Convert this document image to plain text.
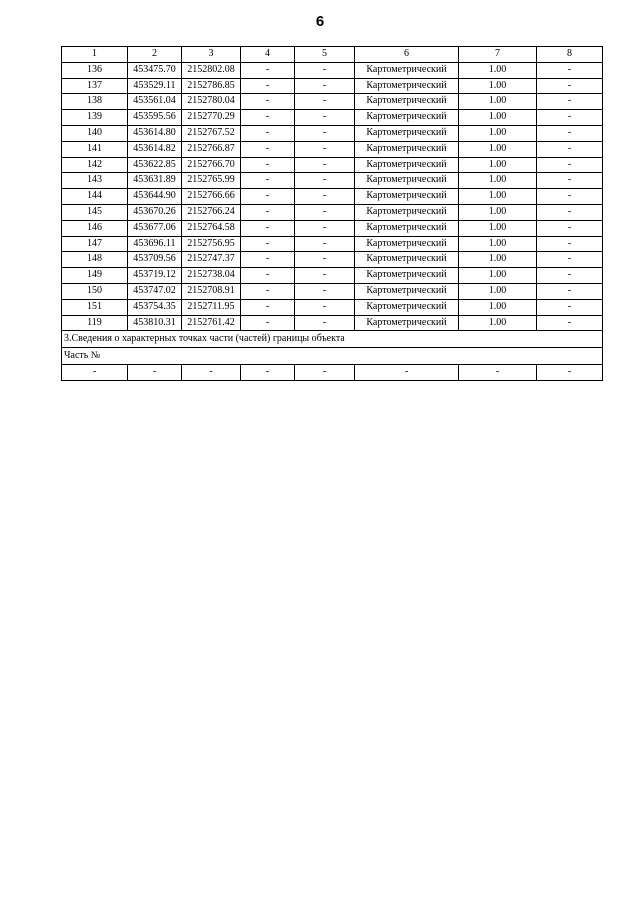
6
1	2	3	4	5	6	7	8
136	453475.70	2152802.08	-	-	Картометрический	1.00	-
137	453529.11	2152786.85	-	-	Картометрический	1.00	-
138	453561.04	2152780.04	-	-	Картометрический	1.00	-
139	453595.56	2152770.29	-	-	Картометрический	1.00	-
140	453614.80	2152767.52	-	-	Картометрический	1.00	-
141	453614.82	2152766.87	-	-	Картометрический	1.00	-
142	453622.85	2152766.70	-	-	Картометрический	1.00	-
143	453631.89	2152765.99	-	-	Картометрический	1.00	-
144	453644.90	2152766.66	-	-	Картометрический	1.00	-
145	453670.26	2152766.24	-	-	Картометрический	1.00	-
146	453677.06	2152764.58	-	-	Картометрический	1.00	-
147	453696.11	2152756.95	-	-	Картометрический	1.00	-
148	453709.56	2152747.37	-	-	Картометрический	1.00	-
149	453719.12	2152738.04	-	-	Картометрический	1.00	-
150	453747.02	2152708.91	-	-	Картометрический	1.00	-
151	453754.35	2152711.95	-	-	Картометрический	1.00	-
119	453810.31	2152761.42	-	-	Картометрический	1.00	-
3.Сведения о характерных точках части (частей) границы объекта							
Часть №							
-	-	-	-	-	-	-	-
